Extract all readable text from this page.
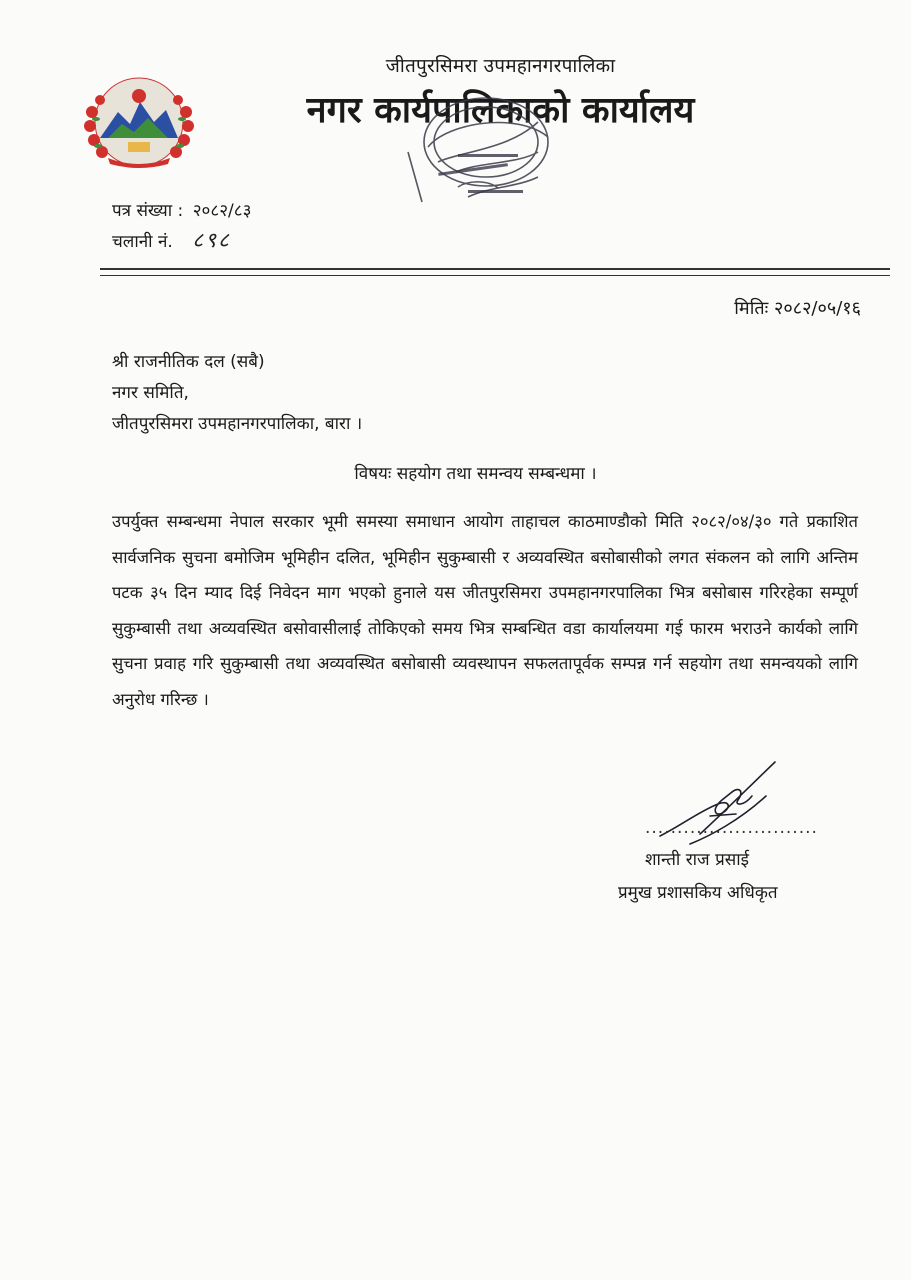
जीतपुरसिमरा उपमहानगरपालिका
नगर कार्यपालिकाको कार्यालय
पत्र संख्या : २०८२/८३
चलानी नं. ८९८
मितिः २०८२/०५/१६
श्री राजनीतिक दल (सबै)
नगर समिति,
जीतपुरसिमरा उपमहानगरपालिका, बारा ।
विषयः सहयोग तथा समन्वय सम्बन्धमा ।
उपर्युक्त सम्बन्धमा नेपाल सरकार भूमी समस्या समाधान आयोग ताहाचल काठमाण्डौको मिति २०८२/०४/३० गते प्रकाशित सार्वजनिक सुचना बमोजिम भूमिहीन दलित, भूमिहीन सुकुम्बासी र अव्यवस्थित बसोबासीको लगत संकलन को लागि अन्तिम पटक ३५ दिन म्याद दिई निवेदन माग भएको हुनाले यस जीतपुरसिमरा उपमहानगरपालिका भित्र बसोबास गरिरहेका सम्पूर्ण सुकुम्बासी तथा अव्यवस्थित बसोवासीलाई तोकिएको समय भित्र सम्बन्धित वडा कार्यालयमा गई फारम भराउने कार्यको लागि सुचना प्रवाह गरि सुकुम्बासी तथा अव्यवस्थित बसोबासी व्यवस्थापन सफलतापूर्वक सम्पन्न गर्न सहयोग तथा समन्वयको लागि अनुरोध गरिन्छ ।
...........................
शान्ती राज प्रसाई
प्रमुख प्रशासकिय अधिकृत
